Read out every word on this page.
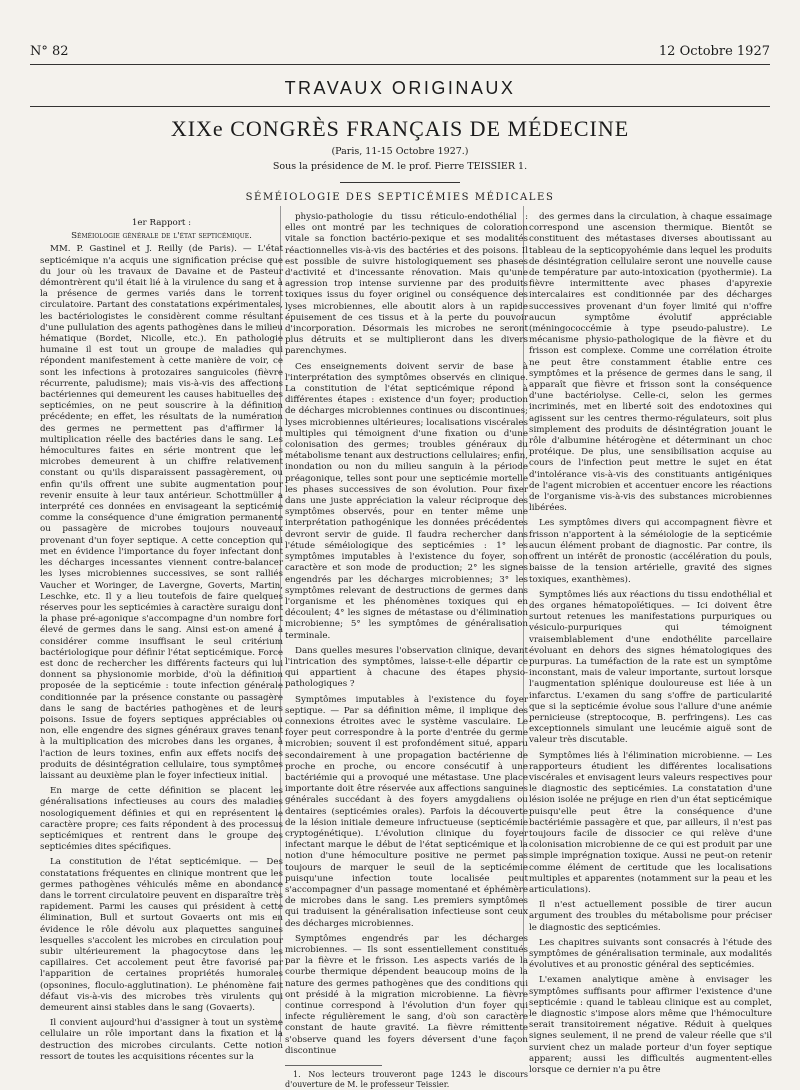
N° 82	12 Octobre 1927
TRAVAUX ORIGINAUX
XIXe CONGRÈS FRANÇAIS DE MÉDECINE
(Paris, 11-15 Octobre 1927.)
Sous la présidence de M. le prof. Pierre TEISSIER 1.
SÉMÉIOLOGIE DES SEPTICÉMIES MÉDICALES

1er Rapport :

Séméiologie générale de l'état septicémique.

MM. P. Gastinel et J. Reilly (de Paris). — L'état septicémique n'a acquis une signification précise que du jour où les travaux de Davaine et de Pasteur démontrèrent qu'il était lié à la virulence du sang et à la présence de germes variés dans le torrent circulatoire. Partant des constatations expérimentales, les bactériologistes le considèrent comme résultant d'une pullulation des agents pathogènes dans le milieu hématique (Bordet, Nicolle, etc.). En pathologie humaine il est tout un groupe de maladies qui répondent manifestement à cette manière de voir, ce sont les infections à protozaires sanguicoles (fièvre récurrente, paludisme); mais vis-à-vis des affections bactériennes qui demeurent les causes habituelles des septicémies, on ne peut souscrire à la définition précédente; en effet, les résultats de la numération des germes ne permettent pas d'affirmer la multiplication réelle des bactéries dans le sang. Les hémocultures faites en série montrent que les microbes demeurent à un chiffre relativement constant ou qu'ils disparaissent passagèrement, ou enfin qu'ils offrent une subite augmentation pour revenir ensuite à leur taux antérieur. Schottmüller a interprété ces données en envisageant la septicémie comme la conséquence d'une émigration permanente ou passagère de microbes toujours nouveaux provenant d'un foyer septique. A cette conception qui met en évidence l'importance du foyer infectant dont les décharges incessantes viennent contre-balancer les lyses microbiennes successives, se sont ralliés Vaucher et Woringer, de Lavergne, Goverts, Martin, Leschke, etc. Il y a lieu toutefois de faire quelques réserves pour les septicémies à caractère suraigu dont la phase pré-agonique s'accompagne d'un nombre fort élevé de germes dans le sang. Ainsi est-on amené à considérer comme insuffisant le seul critérium bactériologique pour définir l'état septicémique. Force est donc de rechercher les différents facteurs qui lui donnent sa physionomie morbide, d'où la définition proposée de la septicémie : toute infection générale conditionnée par la présence constante ou passagère dans le sang de bactéries pathogènes et de leurs poisons. Issue de foyers septiques appréciables ou non, elle engendre des signes généraux graves tenant à la multiplication des microbes dans les organes, à l'action de leurs toxines, enfin aux effets nocifs des produits de désintégration cellulaire, tous symptômes laissant au deuxième plan le foyer infectieux initial.

En marge de cette définition se placent les généralisations infectieuses au cours des maladies nosologiquement définies et qui en représentent le caractère propre; ces faits répondent à des processus septicémiques et rentrent dans le groupe des septicémies dites spécifiques.

La constitution de l'état septicémique. — Des constatations fréquentes en clinique montrent que les germes pathogènes véhiculés même en abondance dans le torrent circulatoire peuvent en disparaître très rapidement. Parmi les causes qui président à cette élimination, Bull et surtout Govaerts ont mis en évidence le rôle dévolu aux plaquettes sanguines lesquelles s'accolent les microbes en circulation pour subir ultérieurement la phagocytose dans les capillaires. Cet accolement peut être favorisé par l'apparition de certaines propriétés humorales (opsonines, floculo-agglutination). Le phénomène fait défaut vis-à-vis des microbes très virulents qui demeurent ainsi stables dans le sang (Govaerts).

Il convient aujourd'hui d'assigner à tout un système cellulaire un rôle important dans la fixation et la destruction des microbes circulants. Cette notion ressort de toutes les acquisitions récentes sur la

physio-pathologie du tissu réticulo-endothélial : elles ont montré par les techniques de coloration vitale sa fonction bactério-pexique et ses modalités réactionnelles vis-à-vis des bactéries et des poisons. Il est possible de suivre histologiquement ses phases d'activité et d'incessante rénovation. Mais qu'une agression trop intense survienne par des produits toxiques issus du foyer originel ou conséquence des lyses microbiennes, elle aboutit alors à un rapide épuisement de ces tissus et à la perte du pouvoir d'incorporation. Désormais les microbes ne seront plus détruits et se multiplieront dans les divers parenchymes.

Ces enseignements doivent servir de base à l'interprétation des symptômes observés en clinique. La constitution de l'état septicémique répond à différentes étapes : existence d'un foyer; production de décharges microbiennes continues ou discontinues; lyses microbiennes ultérieures; localisations viscérales multiples qui témoignent d'une fixation ou d'une colonisation des germes; troubles généraux du métabolisme tenant aux destructions cellulaires; enfin, inondation ou non du milieu sanguin à la période préagonique, telles sont pour une septicémie mortelle les phases successives de son évolution. Pour fixer dans une juste appréciation la valeur réciproque des symptômes observés, pour en tenter même une interprétation pathogénique les données précédentes devront servir de guide. Il faudra rechercher dans l'étude séméiologique des septicémies : 1° les symptômes imputables à l'existence du foyer, son caractère et son mode de production; 2° les signes engendrés par les décharges microbiennes; 3° les symptômes relevant de destructions de germes dans l'organisme et les phénomènes toxiques qui en découlent; 4° les signes de métastase ou d'élimination microbienne; 5° les symptômes de généralisation terminale.

Dans quelles mesures l'observation clinique, devant l'intrication des symptômes, laisse-t-elle départir ce qui appartient à chacune des étapes physio-pathologiques ?

Symptômes imputables à l'existence du foyer septique. — Par sa définition même, il implique des connexions étroites avec le système vasculaire. Le foyer peut correspondre à la porte d'entrée du germe microbien; souvent il est profondément situé, apparu secondairement à une propagation bactérienne de proche en proche, ou encore consécutif à une bactériémie qui a provoqué une métastase. Une place importante doit être réservée aux affections sanguines générales succédant à des foyers amygdaliens ou dentaires (septicémies orales). Parfois la découverte de la lésion initiale demeure infructueuse (septicémie cryptogénétique). L'évolution clinique du foyer infectant marque le début de l'état septicémique et la notion d'une hémoculture positive ne permet pas toujours de marquer le seuil de la septicémie puisqu'une infection toute localisée peut s'accompagner d'un passage momentané et éphémère de microbes dans le sang. Les premiers symptômes qui traduisent la généralisation infectieuse sont ceux des décharges microbiennes.

Symptômes engendrés par les décharges microbiennes. — Ils sont essentiellement constitués par la fièvre et le frisson. Les aspects variés de la courbe thermique dépendent beaucoup moins de la nature des germes pathogènes que des conditions qui ont présidé à la migration microbienne. La fièvre continue correspond à l'évolution d'un foyer qui infecte régulièrement le sang, d'où son caractère constant de haute gravité. La fièvre rémittente s'observe quand les foyers déversent d'une façon discontinue

1. Nos lecteurs trouveront page 1243 le discours d'ouverture de M. le professeur Teissier.

des germes dans la circulation, à chaque essaimage correspond une ascension thermique. Bientôt se constituent des métastases diverses aboutissant au tableau de la septicopyohémie dans lequel les produits de désintégration cellulaire seront une nouvelle cause de température par auto-intoxication (pyothermie). La fièvre intermittente avec phases d'apyrexie intercalaires est conditionnée par des décharges successives provenant d'un foyer limité qui n'offre aucun symptôme évolutif appréciable (méningococcémie à type pseudo-palustre). Le mécanisme physio-pathologique de la fièvre et du frisson est complexe. Comme une corrélation étroite ne peut être constamment établie entre ces symptômes et la présence de germes dans le sang, il apparaît que fièvre et frisson sont la conséquence d'une bactériolyse. Celle-ci, selon les germes incriminés, met en liberté soit des endotoxines qui agissent sur les centres thermo-régulateurs, soit plus simplement des produits de désintégration jouant le rôle d'albumine hétérogène et déterminant un choc protéique. De plus, une sensibilisation acquise au cours de l'infection peut mettre le sujet en état d'intolérance vis-à-vis des constituants antigéniques de l'agent microbien et accentuer encore les réactions de l'organisme vis-à-vis des substances microbiennes libérées.

Les symptômes divers qui accompagnent fièvre et frisson n'apportent à la séméiologie de la septicémie aucun élément probant de diagnostic. Par contre, ils offrent un intérêt de pronostic (accélération du pouls, baisse de la tension artérielle, gravité des signes toxiques, exanthèmes).

Symptômes liés aux réactions du tissu endothélial et des organes hématopoïétiques. — Ici doivent être surtout retenues les manifestations purpuriques ou vésiculo-purpuriques qui témoignent vraisemblablement d'une endothélite parcellaire évoluant en dehors des signes hématologiques des purpuras. La tuméfaction de la rate est un symptôme inconstant, mais de valeur importante, surtout lorsque l'augmentation splénique douloureuse est liée à un infarctus. L'examen du sang s'offre de particularité que si la septicémie évolue sous l'allure d'une anémie pernicieuse (streptocoque, B. perfringens). Les cas exceptionnels simulant une leucémie aiguë sont de valeur très discutable.

Symptômes liés à l'élimination microbienne. — Les rapporteurs étudient les différentes localisations viscérales et envisagent leurs valeurs respectives pour le diagnostic des septicémies. La constatation d'une lésion isolée ne préjuge en rien d'un état septicémique puisqu'elle peut être la conséquence d'une bactériémie passagère et que, par ailleurs, il n'est pas toujours facile de dissocier ce qui relève d'une colonisation microbienne de ce qui est produit par une simple imprégnation toxique. Aussi ne peut-on retenir comme élément de certitude que les localisations multiples et apparentes (notamment sur la peau et les articulations).

Il n'est actuellement possible de tirer aucun argument des troubles du métabolisme pour préciser le diagnostic des septicémies.

Les chapitres suivants sont consacrés à l'étude des symptômes de généralisation terminale, aux modalités évolutives et au pronostic général des septicémies.

L'examen analytique amène à envisager les symptômes suffisants pour affirmer l'existence d'une septicémie : quand le tableau clinique est au complet, le diagnostic s'impose alors même que l'hémoculture serait transitoirement négative. Réduit à quelques signes seulement, il ne prend de valeur réelle que s'il survient chez un malade porteur d'un foyer septique apparent; aussi les difficultés augmentent-elles lorsque ce dernier n'a pu être
